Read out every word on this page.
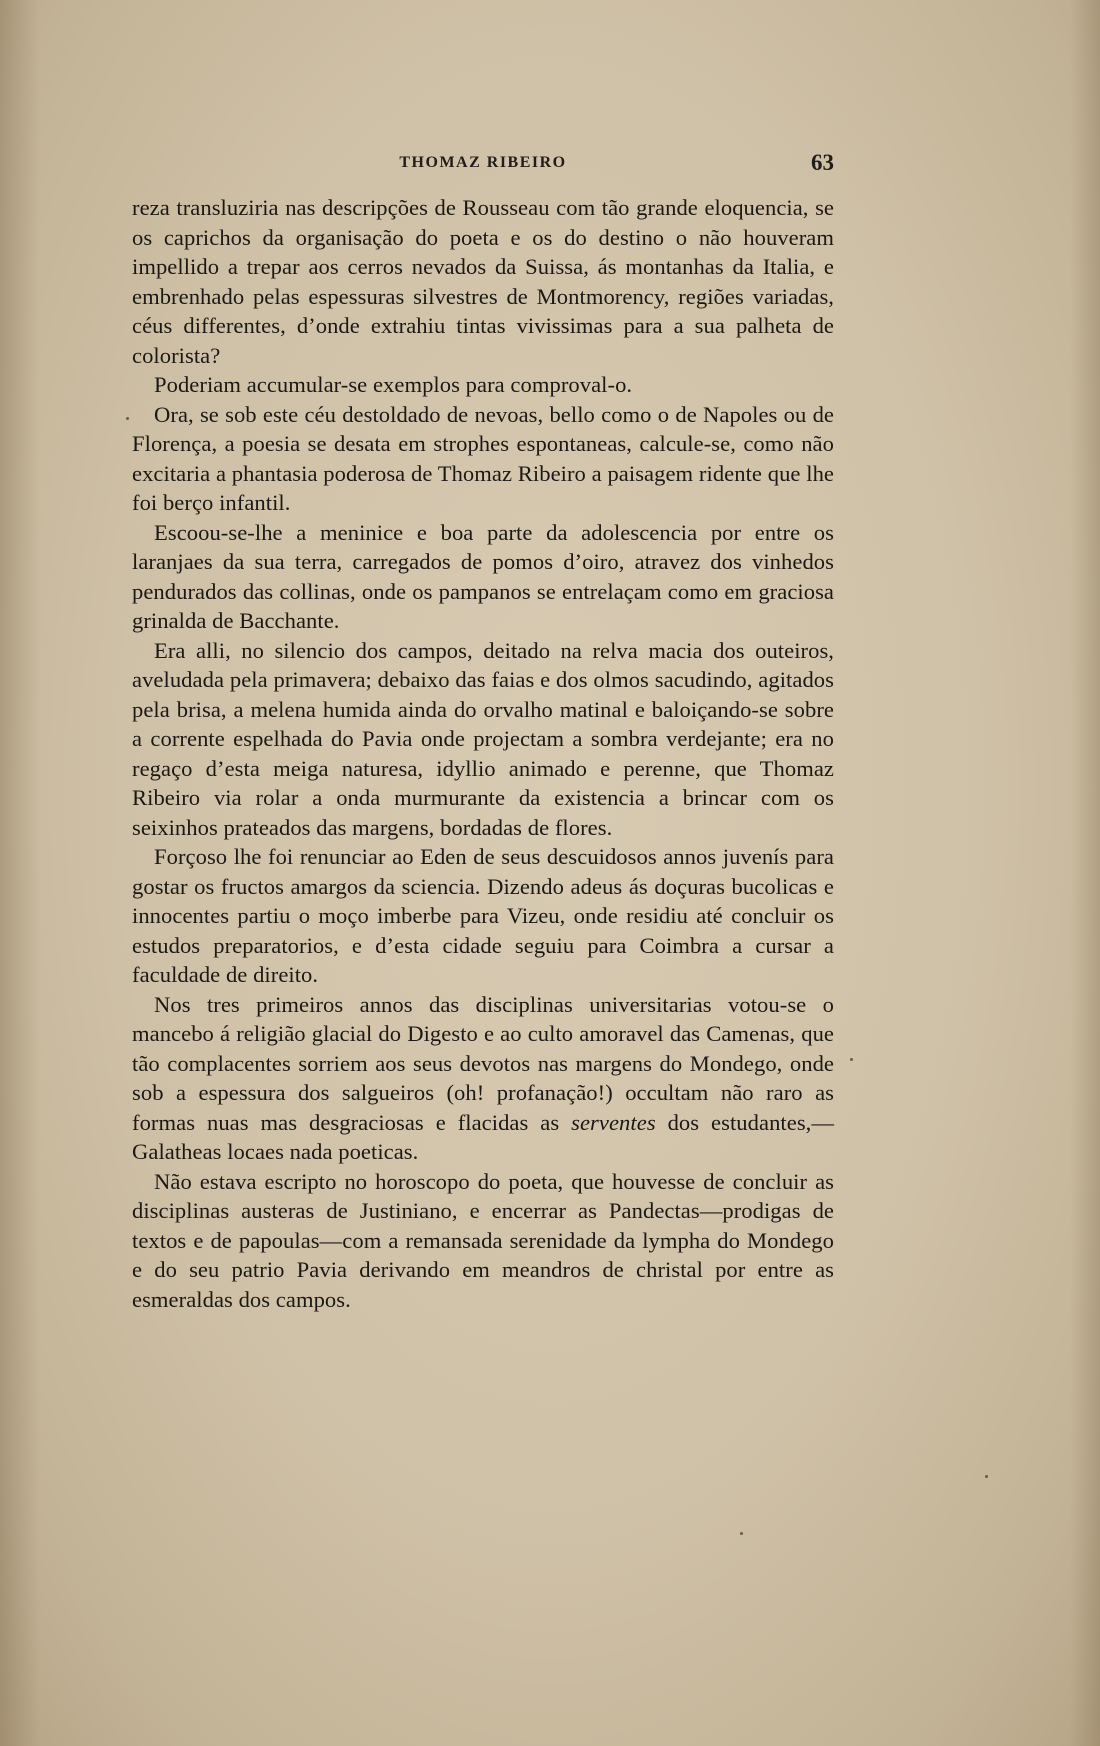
THOMAZ RIBEIRO	63

reza transluziria nas descripções de Rousseau com tão grande eloquencia, se os caprichos da organisação do poeta e os do destino o não houveram impellido a trepar aos cerros nevados da Suissa, ás montanhas da Italia, e embrenhado pelas espessuras silvestres de Montmorency, regiões variadas, céus differentes, d’onde extrahiu tintas vivissimas para a sua palheta de colorista?

Poderiam accumular-se exemplos para comproval-o.

Ora, se sob este céu destoldado de nevoas, bello como o de Napoles ou de Florença, a poesia se desata em strophes espontaneas, calcule-se, como não excitaria a phantasia poderosa de Thomaz Ribeiro a paisagem ridente que lhe foi berço infantil.

Escoou-se-lhe a meninice e boa parte da adolescencia por entre os laranjaes da sua terra, carregados de pomos d’oiro, atravez dos vinhedos pendurados das collinas, onde os pampanos se entrelaçam como em graciosa grinalda de Bacchante.

Era alli, no silencio dos campos, deitado na relva macia dos outeiros, aveludada pela primavera; debaixo das faias e dos olmos sacudindo, agitados pela brisa, a melena humida ainda do orvalho matinal e baloiçando-se sobre a corrente espelhada do Pavia onde projectam a sombra verdejante; era no regaço d’esta meiga naturesa, idyllio animado e perenne, que Thomaz Ribeiro via rolar a onda murmurante da existencia a brincar com os seixinhos prateados das margens, bordadas de flores.

Forçoso lhe foi renunciar ao Eden de seus descuidosos annos juvenís para gostar os fructos amargos da sciencia. Dizendo adeus ás doçuras bucolicas e innocentes partiu o moço imberbe para Vizeu, onde residiu até concluir os estudos preparatorios, e d’esta cidade seguiu para Coimbra a cursar a faculdade de direito.

Nos tres primeiros annos das disciplinas universitarias votou-se o mancebo á religião glacial do Digesto e ao culto amoravel das Camenas, que tão complacentes sorriem aos seus devotos nas margens do Mondego, onde sob a espessura dos salgueiros (oh! profanação!) occultam não raro as formas nuas mas desgraciosas e flacidas as serventes dos estudantes,—Galatheas locaes nada poeticas.

Não estava escripto no horoscopo do poeta, que houvesse de concluir as disciplinas austeras de Justiniano, e encerrar as Pandectas—prodigas de textos e de papoulas—com a remansada serenidade da lympha do Mondego e do seu patrio Pavia derivando em meandros de christal por entre as esmeraldas dos campos.
